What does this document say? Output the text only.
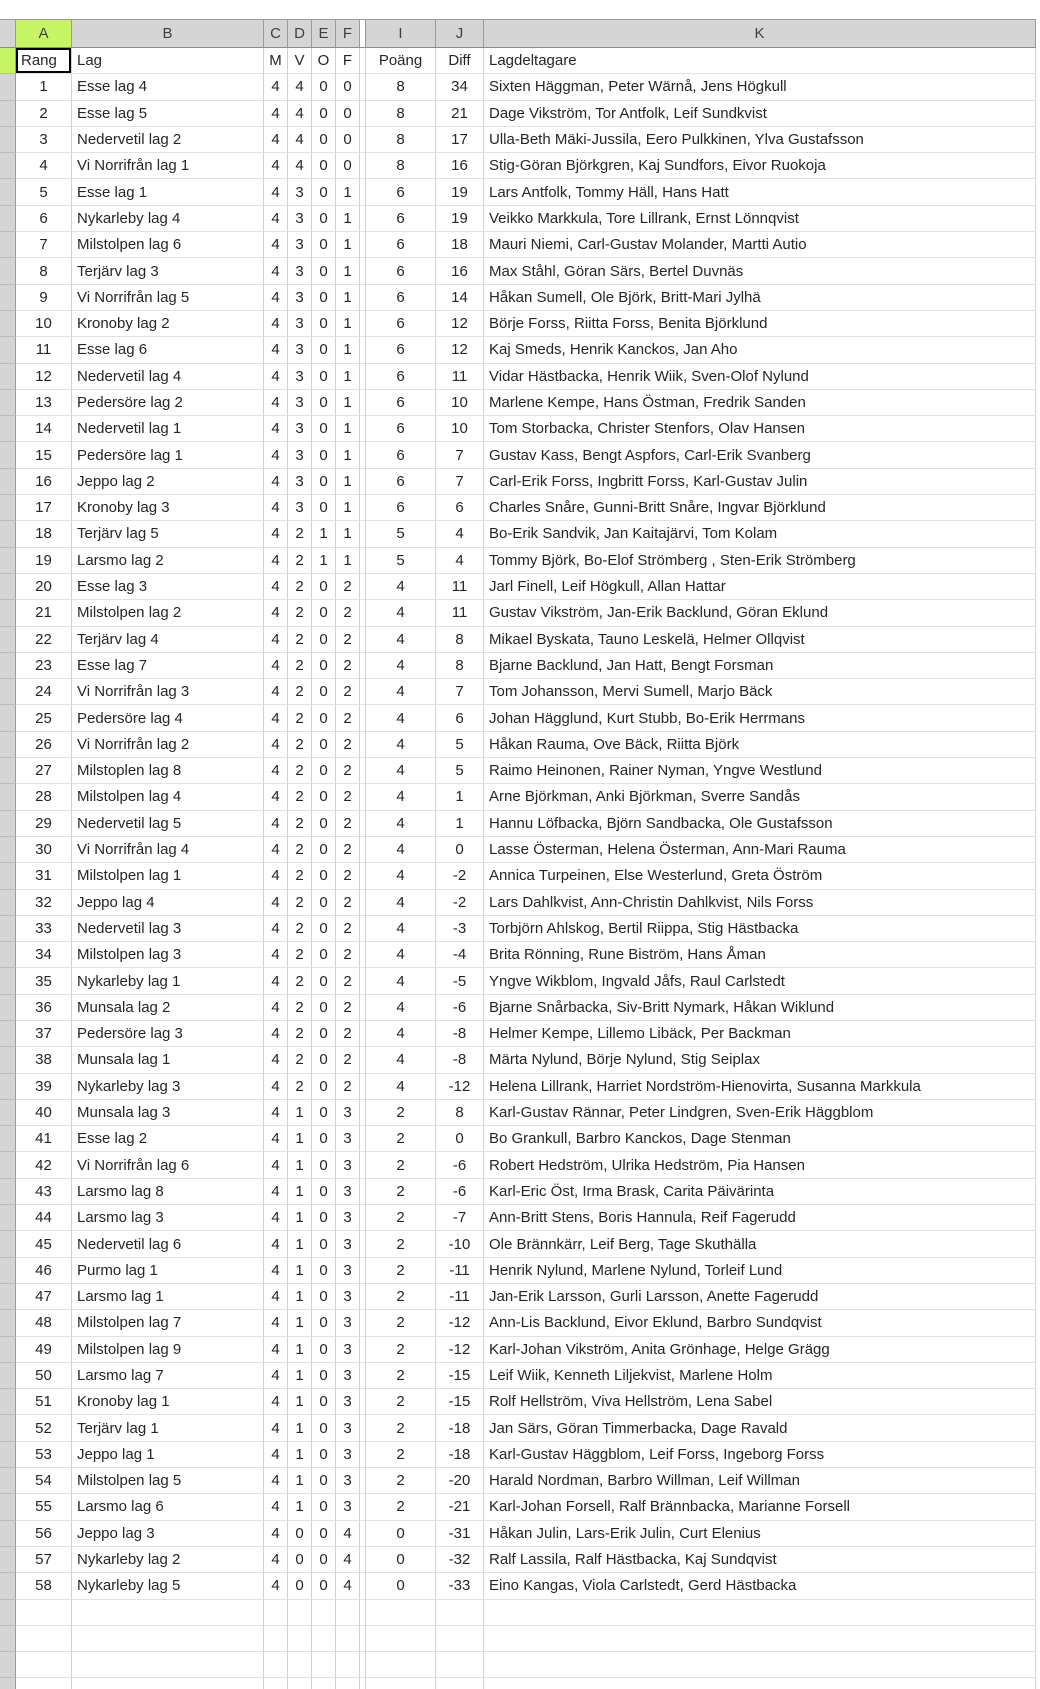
A	B	C D E F	I	J	K
Rang	Lag	M V O F	Poäng	Diff	Lagdeltagare
1	Esse lag 4	4	4	0	0	8	34	Sixten Häggman, Peter Wärnå, Jens Högkull
2	Esse lag 5	4	4	0	0	8	21	Dage Vikström, Tor Antfolk, Leif Sundkvist
3	Nedervetil lag 2	4	4	0	0	8	17	Ulla-Beth Mäki-Jussila, Eero Pulkkinen, Ylva Gustafsson
4	Vi Norrifrån lag 1	4	4	0	0	8	16	Stig-Göran Björkgren, Kaj Sundfors, Eivor Ruokoja
5	Esse lag 1	4	3	0	1	6	19	Lars Antfolk, Tommy Häll, Hans Hatt
6	Nykarleby lag 4	4	3	0	1	6	19	Veikko Markkula, Tore Lillrank, Ernst Lönnqvist
7	Milstolpen lag 6	4	3	0	1	6	18	Mauri Niemi, Carl-Gustav Molander, Martti Autio
8	Terjärv lag 3	4	3	0	1	6	16	Max Ståhl, Göran Särs, Bertel Duvnäs
9	Vi Norrifrån lag 5	4	3	0	1	6	14	Håkan Sumell, Ole Björk, Britt-Mari Jylhä
10	Kronoby lag 2	4	3	0	1	6	12	Börje Forss, Riitta Forss, Benita Björklund
11	Esse lag 6	4	3	0	1	6	12	Kaj Smeds, Henrik Kanckos, Jan Aho
12	Nedervetil lag 4	4	3	0	1	6	11	Vidar Hästbacka, Henrik Wiik, Sven-Olof Nylund
13	Pedersöre lag 2	4	3	0	1	6	10	Marlene Kempe, Hans Östman, Fredrik Sanden
14	Nedervetil lag 1	4	3	0	1	6	10	Tom Storbacka, Christer Stenfors, Olav Hansen
15	Pedersöre lag 1	4	3	0	1	6	7	Gustav Kass, Bengt Aspfors, Carl-Erik Svanberg
16	Jeppo lag 2	4	3	0	1	6	7	Carl-Erik Forss, Ingbritt Forss, Karl-Gustav Julin
17	Kronoby lag 3	4	3	0	1	6	6	Charles Snåre, Gunni-Britt Snåre, Ingvar Björklund
18	Terjärv lag 5	4	2	1	1	5	4	Bo-Erik Sandvik, Jan Kaitajärvi, Tom Kolam
19	Larsmo lag 2	4	2	1	1	5	4	Tommy Björk, Bo-Elof Strömberg , Sten-Erik Strömberg
20	Esse lag 3	4	2	0	2	4	11	Jarl Finell, Leif Högkull, Allan Hattar
21	Milstolpen lag 2	4	2	0	2	4	11	Gustav Vikström, Jan-Erik Backlund, Göran Eklund
22	Terjärv lag 4	4	2	0	2	4	8	Mikael Byskata, Tauno Leskelä, Helmer Ollqvist
23	Esse lag 7	4	2	0	2	4	8	Bjarne Backlund, Jan Hatt, Bengt Forsman
24	Vi Norrifrån lag 3	4	2	0	2	4	7	Tom Johansson, Mervi Sumell, Marjo Bäck
25	Pedersöre lag 4	4	2	0	2	4	6	Johan Hägglund, Kurt Stubb, Bo-Erik Herrmans
26	Vi Norrifrån lag 2	4	2	0	2	4	5	Håkan Rauma, Ove Bäck, Riitta Björk
27	Milstoplen lag 8	4	2	0	2	4	5	Raimo Heinonen, Rainer Nyman, Yngve Westlund
28	Milstolpen lag 4	4	2	0	2	4	1	Arne Björkman, Anki Björkman, Sverre Sandås
29	Nedervetil lag 5	4	2	0	2	4	1	Hannu Löfbacka, Björn Sandbacka, Ole Gustafsson
30	Vi Norrifrån lag 4	4	2	0	2	4	0	Lasse Österman, Helena Österman, Ann-Mari Rauma
31	Milstolpen lag 1	4	2	0	2	4	-2	Annica Turpeinen, Else Westerlund, Greta Öström
32	Jeppo lag 4	4	2	0	2	4	-2	Lars Dahlkvist, Ann-Christin Dahlkvist, Nils Forss
33	Nedervetil lag 3	4	2	0	2	4	-3	Torbjörn Ahlskog, Bertil Riippa, Stig Hästbacka
34	Milstolpen lag 3	4	2	0	2	4	-4	Brita Rönning, Rune Biström, Hans Åman
35	Nykarleby lag 1	4	2	0	2	4	-5	Yngve Wikblom, Ingvald Jåfs, Raul Carlstedt
36	Munsala lag 2	4	2	0	2	4	-6	Bjarne Snårbacka, Siv-Britt Nymark, Håkan Wiklund
37	Pedersöre lag 3	4	2	0	2	4	-8	Helmer Kempe, Lillemo Libäck, Per Backman
38	Munsala lag 1	4	2	0	2	4	-8	Märta Nylund, Börje Nylund, Stig Seiplax
39	Nykarleby lag 3	4	2	0	2	4	-12	Helena Lillrank, Harriet Nordström-Hienovirta, Susanna Markkula
40	Munsala lag 3	4	1	0	3	2	8	Karl-Gustav Rännar, Peter Lindgren, Sven-Erik Häggblom
41	Esse lag 2	4	1	0	3	2	0	Bo Grankull, Barbro Kanckos, Dage Stenman
42	Vi Norrifrån lag 6	4	1	0	3	2	-6	Robert Hedström, Ulrika Hedström, Pia Hansen
43	Larsmo lag 8	4	1	0	3	2	-6	Karl-Eric Öst, Irma Brask, Carita Päivärinta
44	Larsmo lag 3	4	1	0	3	2	-7	Ann-Britt Stens, Boris Hannula, Reif Fagerudd
45	Nedervetil lag 6	4	1	0	3	2	-10	Ole Brännkärr, Leif Berg, Tage Skuthälla
46	Purmo lag 1	4	1	0	3	2	-11	Henrik Nylund, Marlene Nylund, Torleif Lund
47	Larsmo lag 1	4	1	0	3	2	-11	Jan-Erik Larsson, Gurli Larsson, Anette Fagerudd
48	Milstolpen lag 7	4	1	0	3	2	-12	Ann-Lis Backlund, Eivor Eklund, Barbro Sundqvist
49	Milstolpen lag 9	4	1	0	3	2	-12	Karl-Johan Vikström, Anita Grönhage, Helge Grägg
50	Larsmo lag 7	4	1	0	3	2	-15	Leif Wiik, Kenneth Liljekvist, Marlene Holm
51	Kronoby lag 1	4	1	0	3	2	-15	Rolf Hellström, Viva Hellström, Lena Sabel
52	Terjärv lag 1	4	1	0	3	2	-18	Jan Särs, Göran Timmerbacka, Dage Ravald
53	Jeppo lag 1	4	1	0	3	2	-18	Karl-Gustav Häggblom, Leif Forss, Ingeborg Forss
54	Milstolpen lag 5	4	1	0	3	2	-20	Harald Nordman, Barbro Willman, Leif Willman
55	Larsmo lag 6	4	1	0	3	2	-21	Karl-Johan Forsell, Ralf Brännbacka, Marianne Forsell
56	Jeppo lag 3	4	0	0	4	0	-31	Håkan Julin, Lars-Erik Julin, Curt Elenius
57	Nykarleby lag 2	4	0	0	4	0	-32	Ralf Lassila, Ralf Hästbacka, Kaj Sundqvist
58	Nykarleby lag 5	4	0	0	4	0	-33	Eino Kangas, Viola Carlstedt, Gerd Hästbacka
